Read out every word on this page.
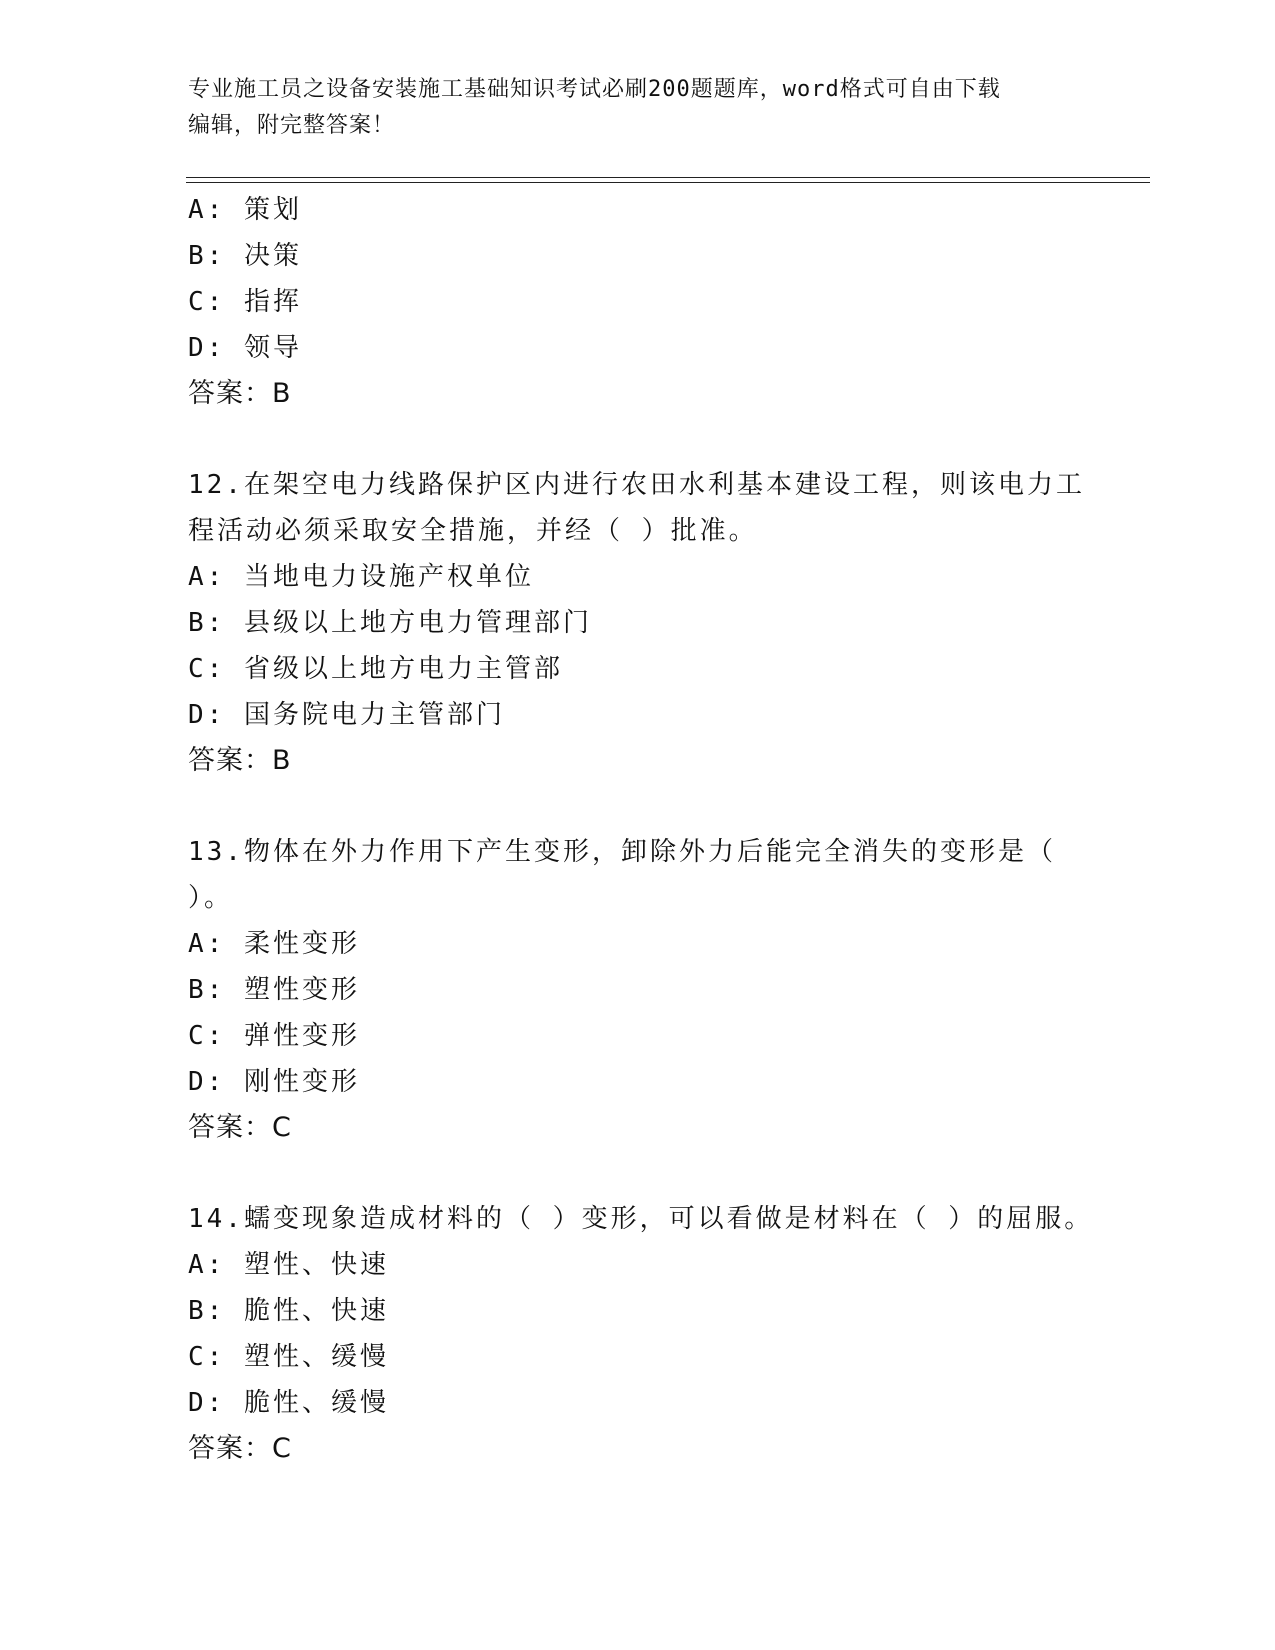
专业施工员之设备安装施工基础知识考试必刷200题题库，word格式可自由下载
编辑，附完整答案！
A: 策划
B: 决策
C: 指挥
D: 领导
答案：B
12.在架空电力线路保护区内进行农田水利基本建设工程，则该电力工
程活动必须采取安全措施，并经（ ）批准。
A: 当地电力设施产权单位
B: 县级以上地方电力管理部门
C: 省级以上地方电力主管部
D: 国务院电力主管部门
答案：B
13.物体在外力作用下产生变形，卸除外力后能完全消失的变形是（
）。
A: 柔性变形
B: 塑性变形
C: 弹性变形
D: 刚性变形
答案：C
14.蠕变现象造成材料的（ ）变形，可以看做是材料在（ ）的屈服。
A: 塑性、快速
B: 脆性、快速
C: 塑性、缓慢
D: 脆性、缓慢
答案：C
